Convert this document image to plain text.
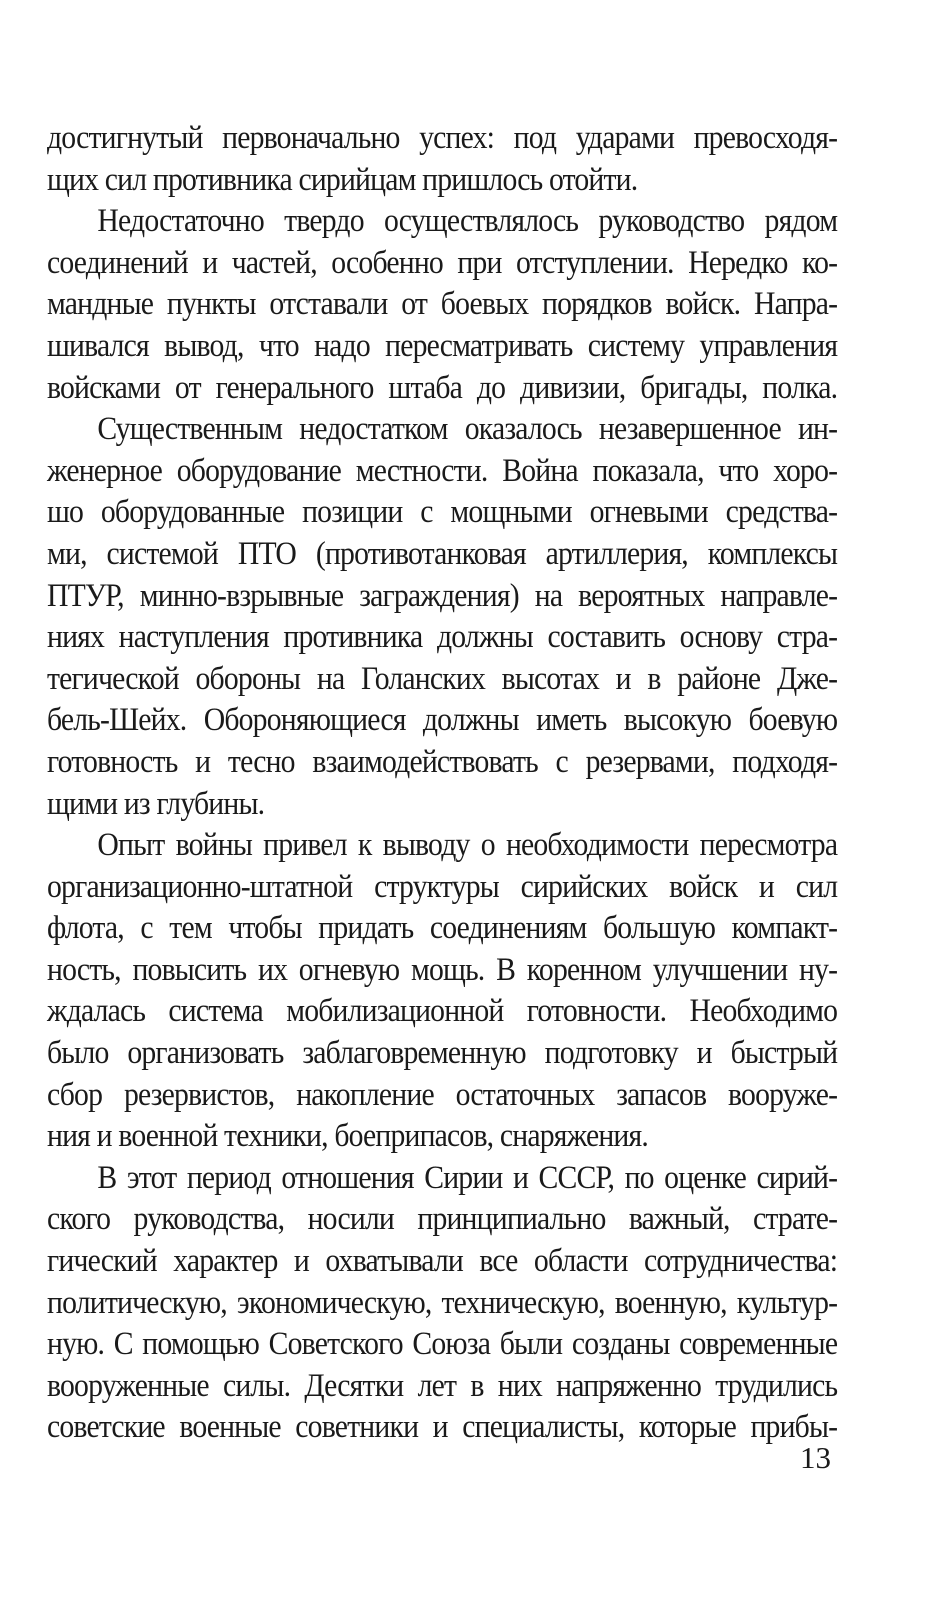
достигнутый первоначально успех: под ударами превосходя-
щих сил противника сирийцам пришлось отойти.
Недостаточно твердо осуществлялось руководство рядом
соединений и частей, особенно при отступлении. Нередко ко-
мандные пункты отставали от боевых порядков войск. Напра-
шивался вывод, что надо пересматривать систему управления
войсками от генерального штаба до дивизии, бригады, полка.
Существенным недостатком оказалось незавершенное ин-
женерное оборудование местности. Война показала, что хоро-
шо оборудованные позиции с мощными огневыми средства-
ми, системой ПТО (противотанковая артиллерия, комплексы
ПТУР, минно-взрывные заграждения) на вероятных направле-
ниях наступления противника должны составить основу стра-
тегической обороны на Голанских высотах и в районе Дже-
бель-Шейх. Обороняющиеся должны иметь высокую боевую
готовность и тесно взаимодействовать с резервами, подходя-
щими из глубины.
Опыт войны привел к выводу о необходимости пересмотра
организационно-штатной структуры сирийских войск и сил
флота, с тем чтобы придать соединениям большую компакт-
ность, повысить их огневую мощь. В коренном улучшении ну-
ждалась система мобилизационной готовности. Необходимо
было организовать заблаговременную подготовку и быстрый
сбор резервистов, накопление остаточных запасов вооруже-
ния и военной техники, боеприпасов, снаряжения.
В этот период отношения Сирии и СССР, по оценке сирий-
ского руководства, носили принципиально важный, страте-
гический характер и охватывали все области сотрудничества:
политическую, экономическую, техническую, военную, культур-
ную. С помощью Советского Союза были созданы современные
вооруженные силы. Десятки лет в них напряженно трудились
советские военные советники и специалисты, которые прибы-
13
